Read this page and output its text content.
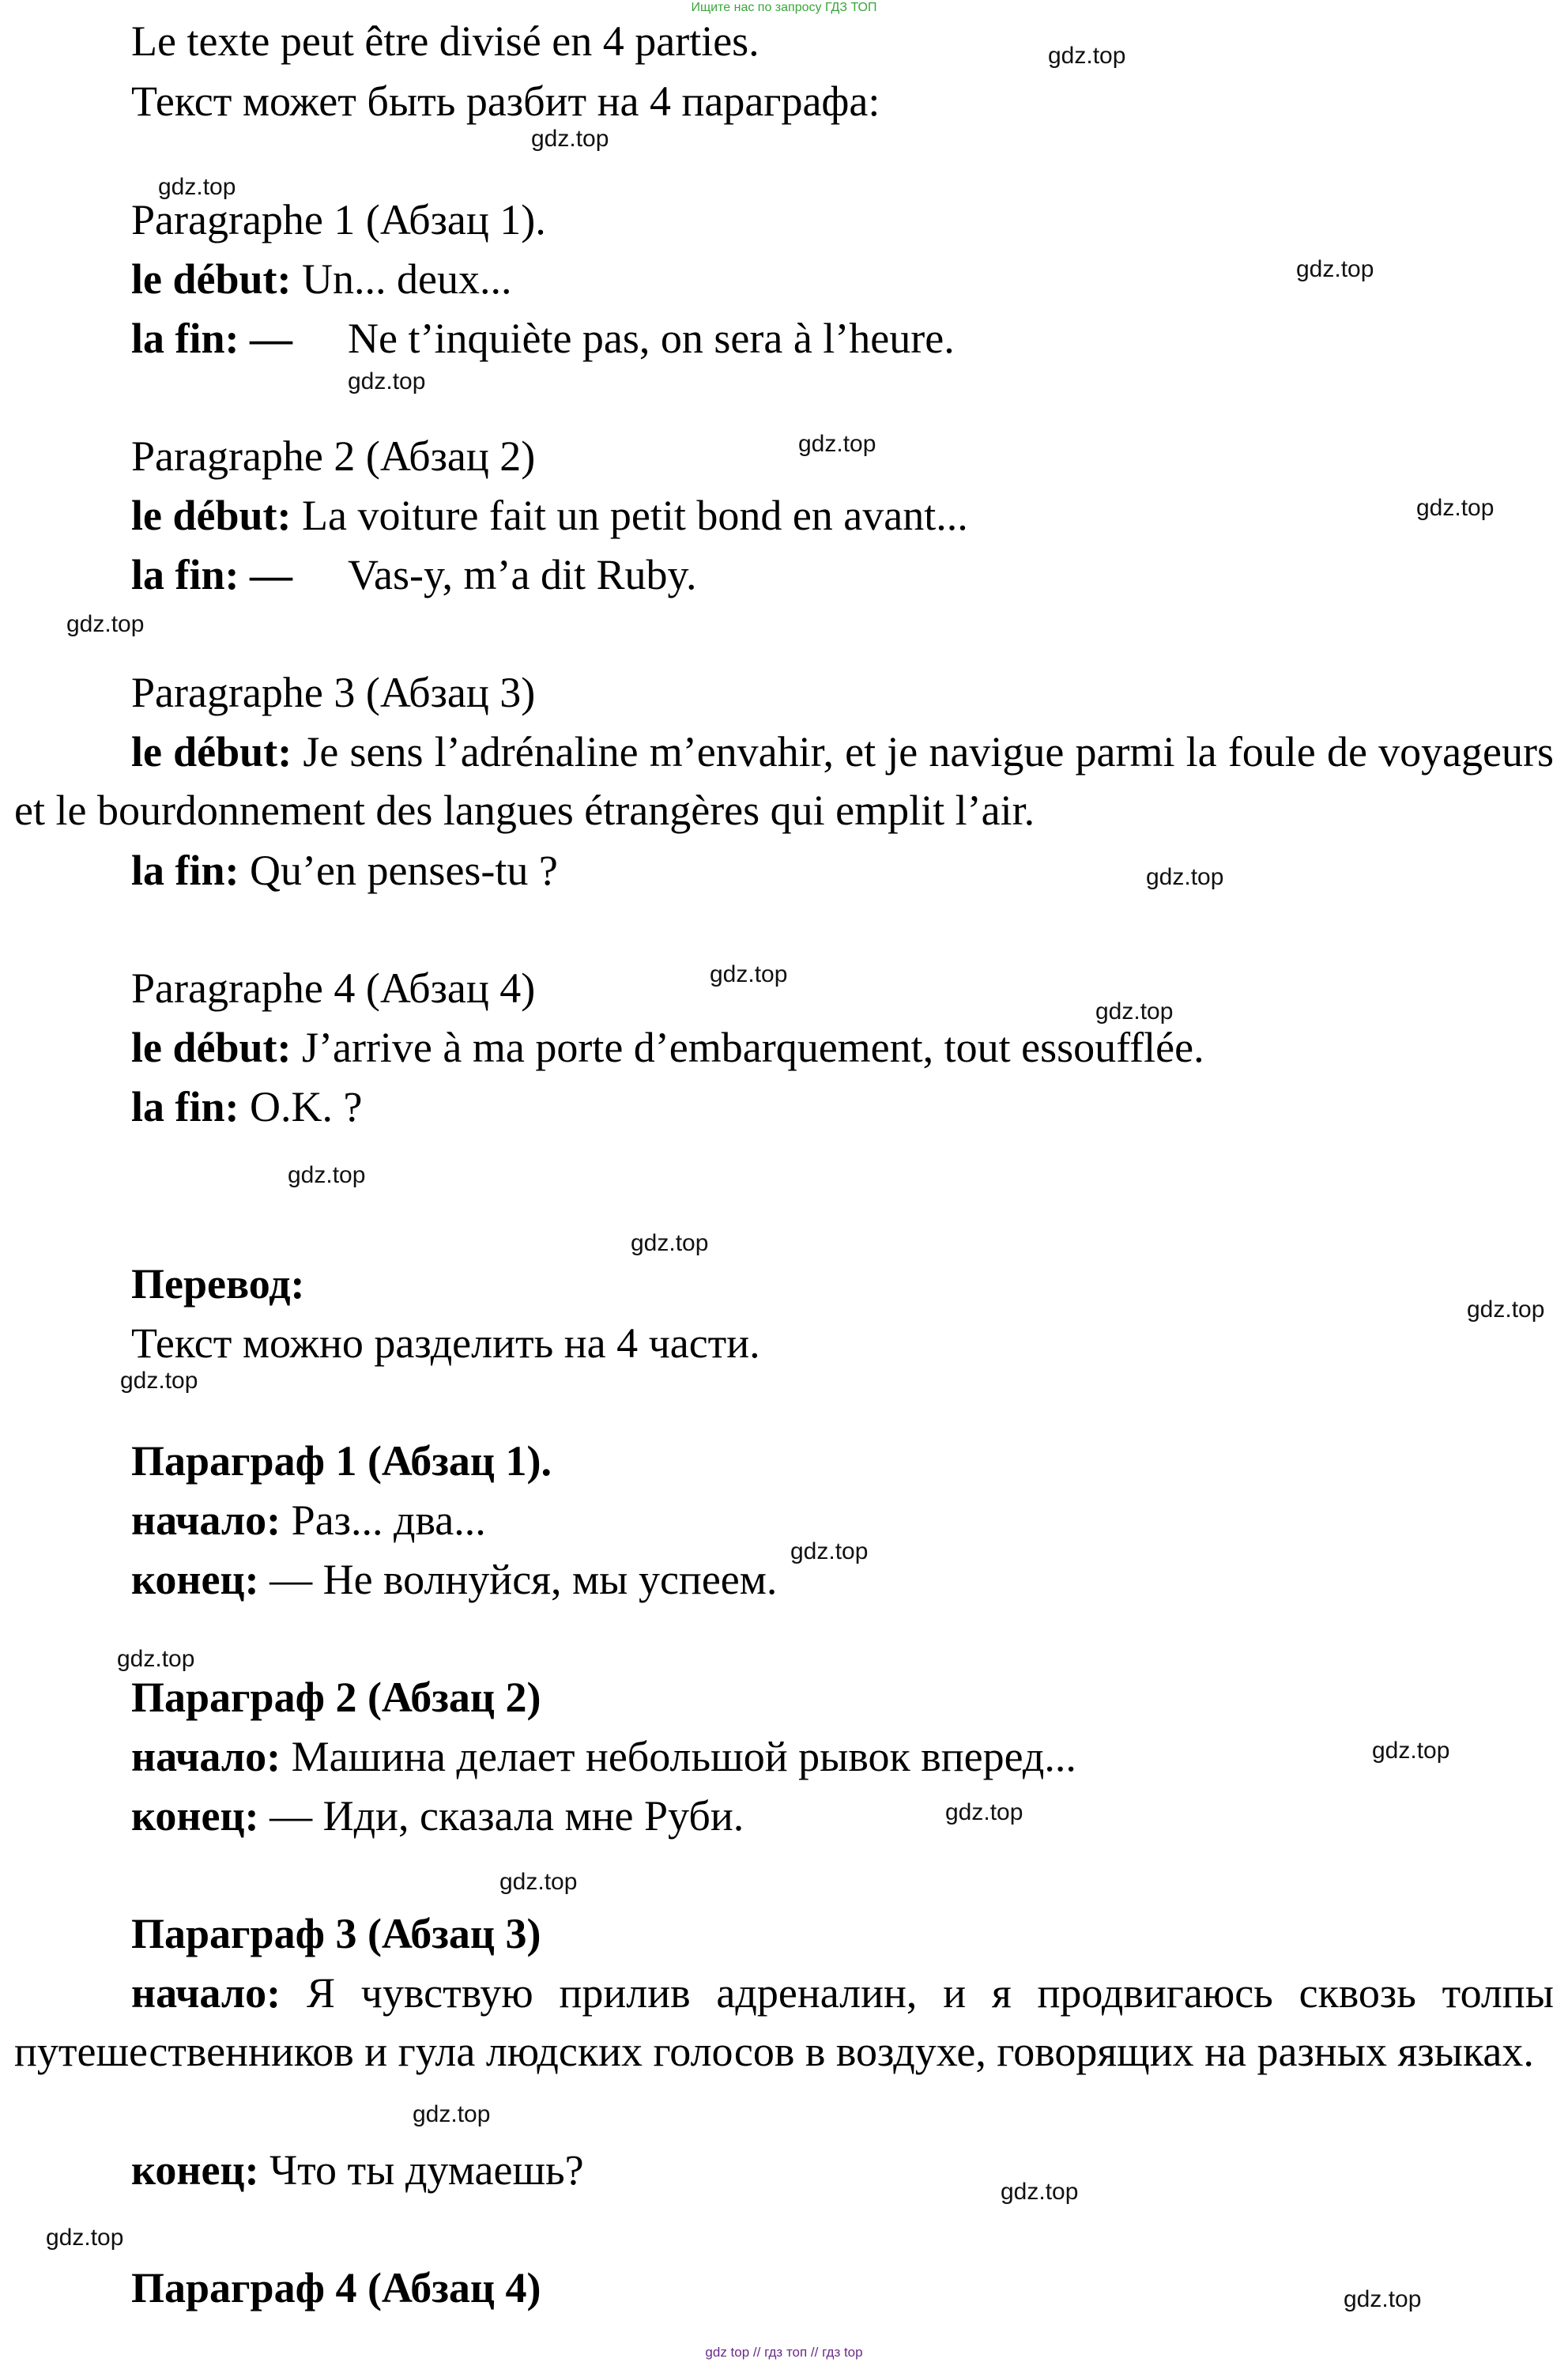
Ищите нас по запросу ГДЗ ТОП
Le texte peut être divisé en 4 parties.
Текст может быть разбит на 4 параграфа:
Paragraphe 1 (Абзац 1).
le début: Un... deux...
la fin: — Ne t’inquiète pas, on sera à l’heure.
Paragraphe 2 (Абзац 2)
le début: La voiture fait un petit bond en avant...
la fin: — Vas-y, m’a dit Ruby.
Paragraphe 3 (Абзац 3)
le début: Je sens l’adrénaline m’envahir, et je navigue parmi la foule de voyageurs et le bourdonnement des langues étrangères qui emplit l’air.
la fin: Qu’en penses-tu ?
Paragraphe 4 (Абзац 4)
le début: J’arrive à ma porte d’embarquement, tout essoufflée.
la fin: O.K. ?
Перевод:
Текст можно разделить на 4 части.
Параграф 1 (Абзац 1).
начало: Раз... два...
конец: — Не волнуйся, мы успеем.
Параграф 2 (Абзац 2)
начало: Машина делает небольшой рывок вперед...
конец: — Иди, сказала мне Руби.
Параграф 3 (Абзац 3)
начало: Я чувствую прилив адреналин, и я продвигаюсь сквозь толпы путешественников и гула людских голосов в воздухе, говорящих на разных языках.
конец: Что ты думаешь?
Параграф 4 (Абзац 4)
gdz.top
gdz.top
gdz.top
gdz.top
gdz.top
gdz.top
gdz.top
gdz.top
gdz.top
gdz.top
gdz.top
gdz.top
gdz.top
gdz.top
gdz.top
gdz.top
gdz.top
gdz.top
gdz.top
gdz.top
gdz.top
gdz.top
gdz.top
gdz.top
gdz top // гдз топ // гдз top
